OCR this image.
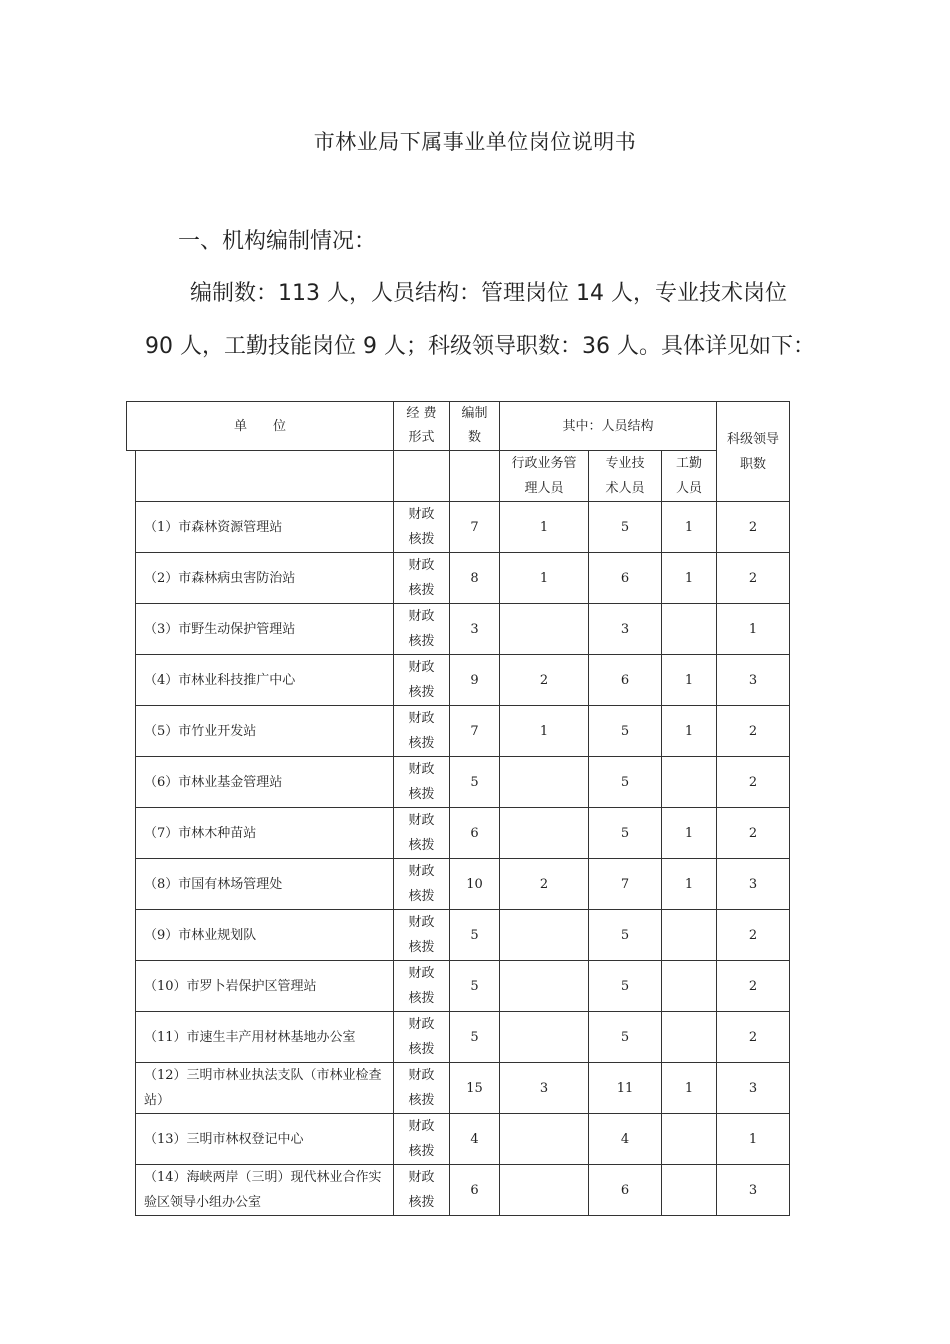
市林业局下属事业单位岗位说明书
一、机构编制情况：
编制数：113 人，人员结构：管理岗位 14 人，专业技术岗位
90 人，工勤技能岗位 9 人；科级领导职数：36 人。具体详见如下：
单　　位		经 费 形式	编制数	其中：人员结构			科级领导职数

				行政业务管理人员	专业技术人员	工勤人员	

	（1）市森林资源管理站	财政核拨	7	1	5	1	2
	（2）市森林病虫害防治站	财政核拨	8	1	6	1	2
	（3）市野生动保护管理站	财政核拨	3		3		1
	（4）市林业科技推广中心	财政核拨	9	2	6	1	3
	（5）市竹业开发站	财政核拨	7	1	5	1	2
	（6）市林业基金管理站	财政核拨	5		5		2
	（7）市林木种苗站	财政核拨	6		5	1	2
	（8）市国有林场管理处	财政核拨	10	2	7	1	3
	（9）市林业规划队	财政核拨	5		5		2
	（10）市罗卜岩保护区管理站	财政核拨	5		5		2
	（11）市速生丰产用材林基地办公室	财政核拨	5		5		2
	（12）三明市林业执法支队（市林业检查站）	财政核拨	15	3	11	1	3
	（13）三明市林权登记中心	财政核拨	4		4		1
	（14）海峡两岸（三明）现代林业合作实验区领导小组办公室	财政核拨	6		6		3
